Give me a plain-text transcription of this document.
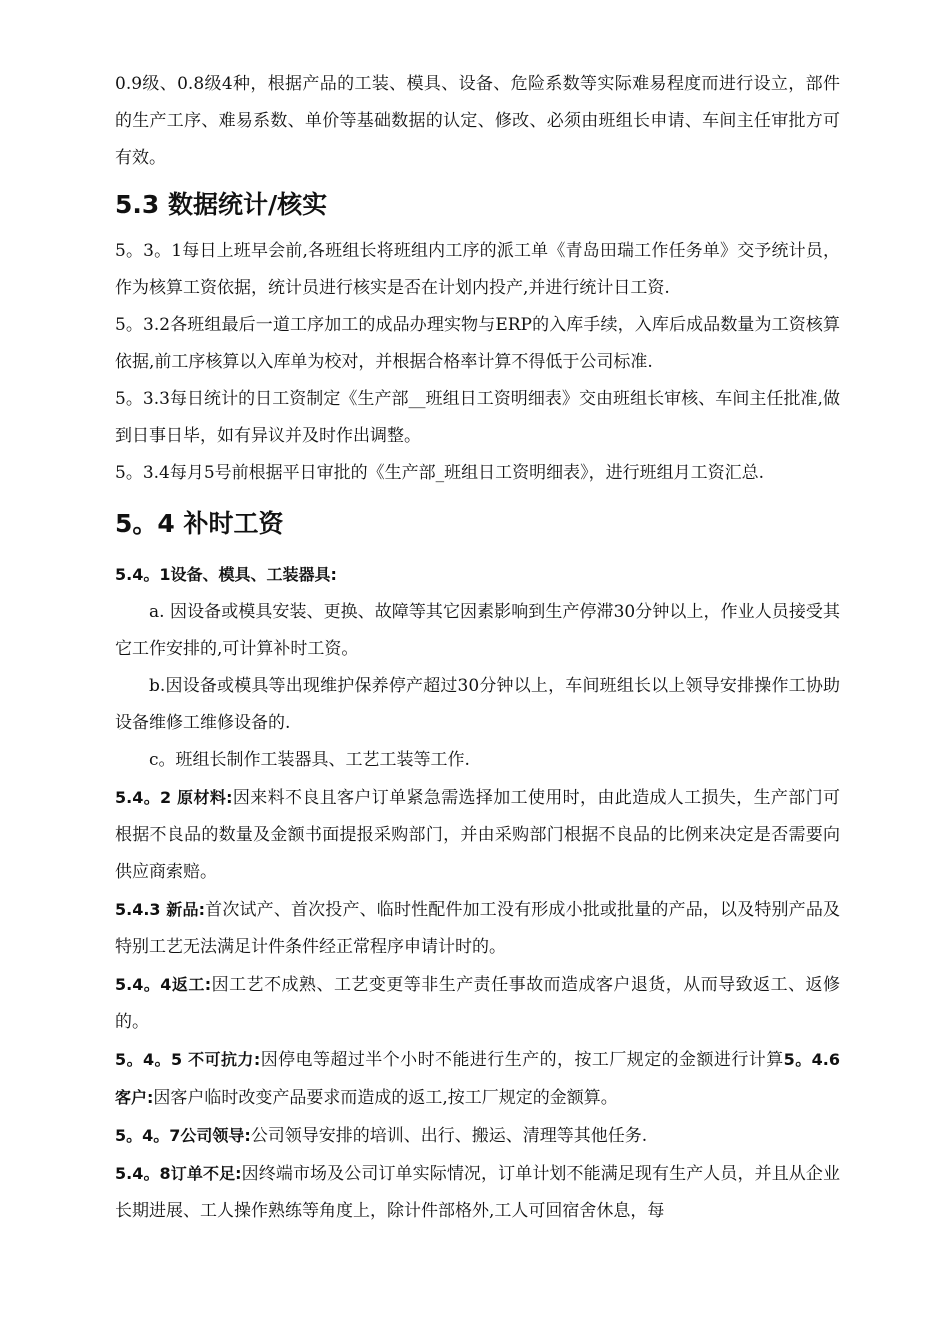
0.9级、0.8级4种，根据产品的工装、模具、设备、危险系数等实际难易程度而进行设立，部件的生产工序、难易系数、单价等基础数据的认定、修改、必须由班组长申请、车间主任审批方可有效。

5.3 数据统计/核实

5。3。1每日上班早会前,各班组长将班组内工序的派工单《青岛田瑞工作任务单》交予统计员，作为核算工资依据，统计员进行核实是否在计划内投产,并进行统计日工资.

5。3.2各班组最后一道工序加工的成品办理实物与ERP的入库手续，入库后成品数量为工资核算依据,前工序核算以入库单为校对，并根据合格率计算不得低于公司标准.

5。3.3每日统计的日工资制定《生产部__班组日工资明细表》交由班组长审核、车间主任批准,做到日事日毕，如有异议并及时作出调整。

5。3.4每月5号前根据平日审批的《生产部_班组日工资明细表》，进行班组月工资汇总.

5。4 补时工资

5.4。1设备、模具、工装器具:

a. 因设备或模具安装、更换、故障等其它因素影响到生产停滞30分钟以上，作业人员接受其它工作安排的,可计算补时工资。

b.因设备或模具等出现维护保养停产超过30分钟以上，车间班组长以上领导安排操作工协助设备维修工维修设备的.

c。班组长制作工装器具、工艺工装等工作.

5.4。2 原材料:因来料不良且客户订单紧急需选择加工使用时，由此造成人工损失，生产部门可根据不良品的数量及金额书面提报采购部门，并由采购部门根据不良品的比例来决定是否需要向供应商索赔。

5.4.3 新品:首次试产、首次投产、临时性配件加工没有形成小批或批量的产品，以及特别产品及特别工艺无法满足计件条件经正常程序申请计时的。

5.4。4返工:因工艺不成熟、工艺变更等非生产责任事故而造成客户退货，从而导致返工、返修的。

5。4。5 不可抗力:因停电等超过半个小时不能进行生产的，按工厂规定的金额进行计算5。4.6 客户:因客户临时改变产品要求而造成的返工,按工厂规定的金额算。

5。4。7公司领导:公司领导安排的培训、出行、搬运、清理等其他任务.

5.4。8订单不足:因终端市场及公司订单实际情况，订单计划不能满足现有生产人员，并且从企业长期进展、工人操作熟练等角度上，除计件部格外,工人可回宿舍休息，每
